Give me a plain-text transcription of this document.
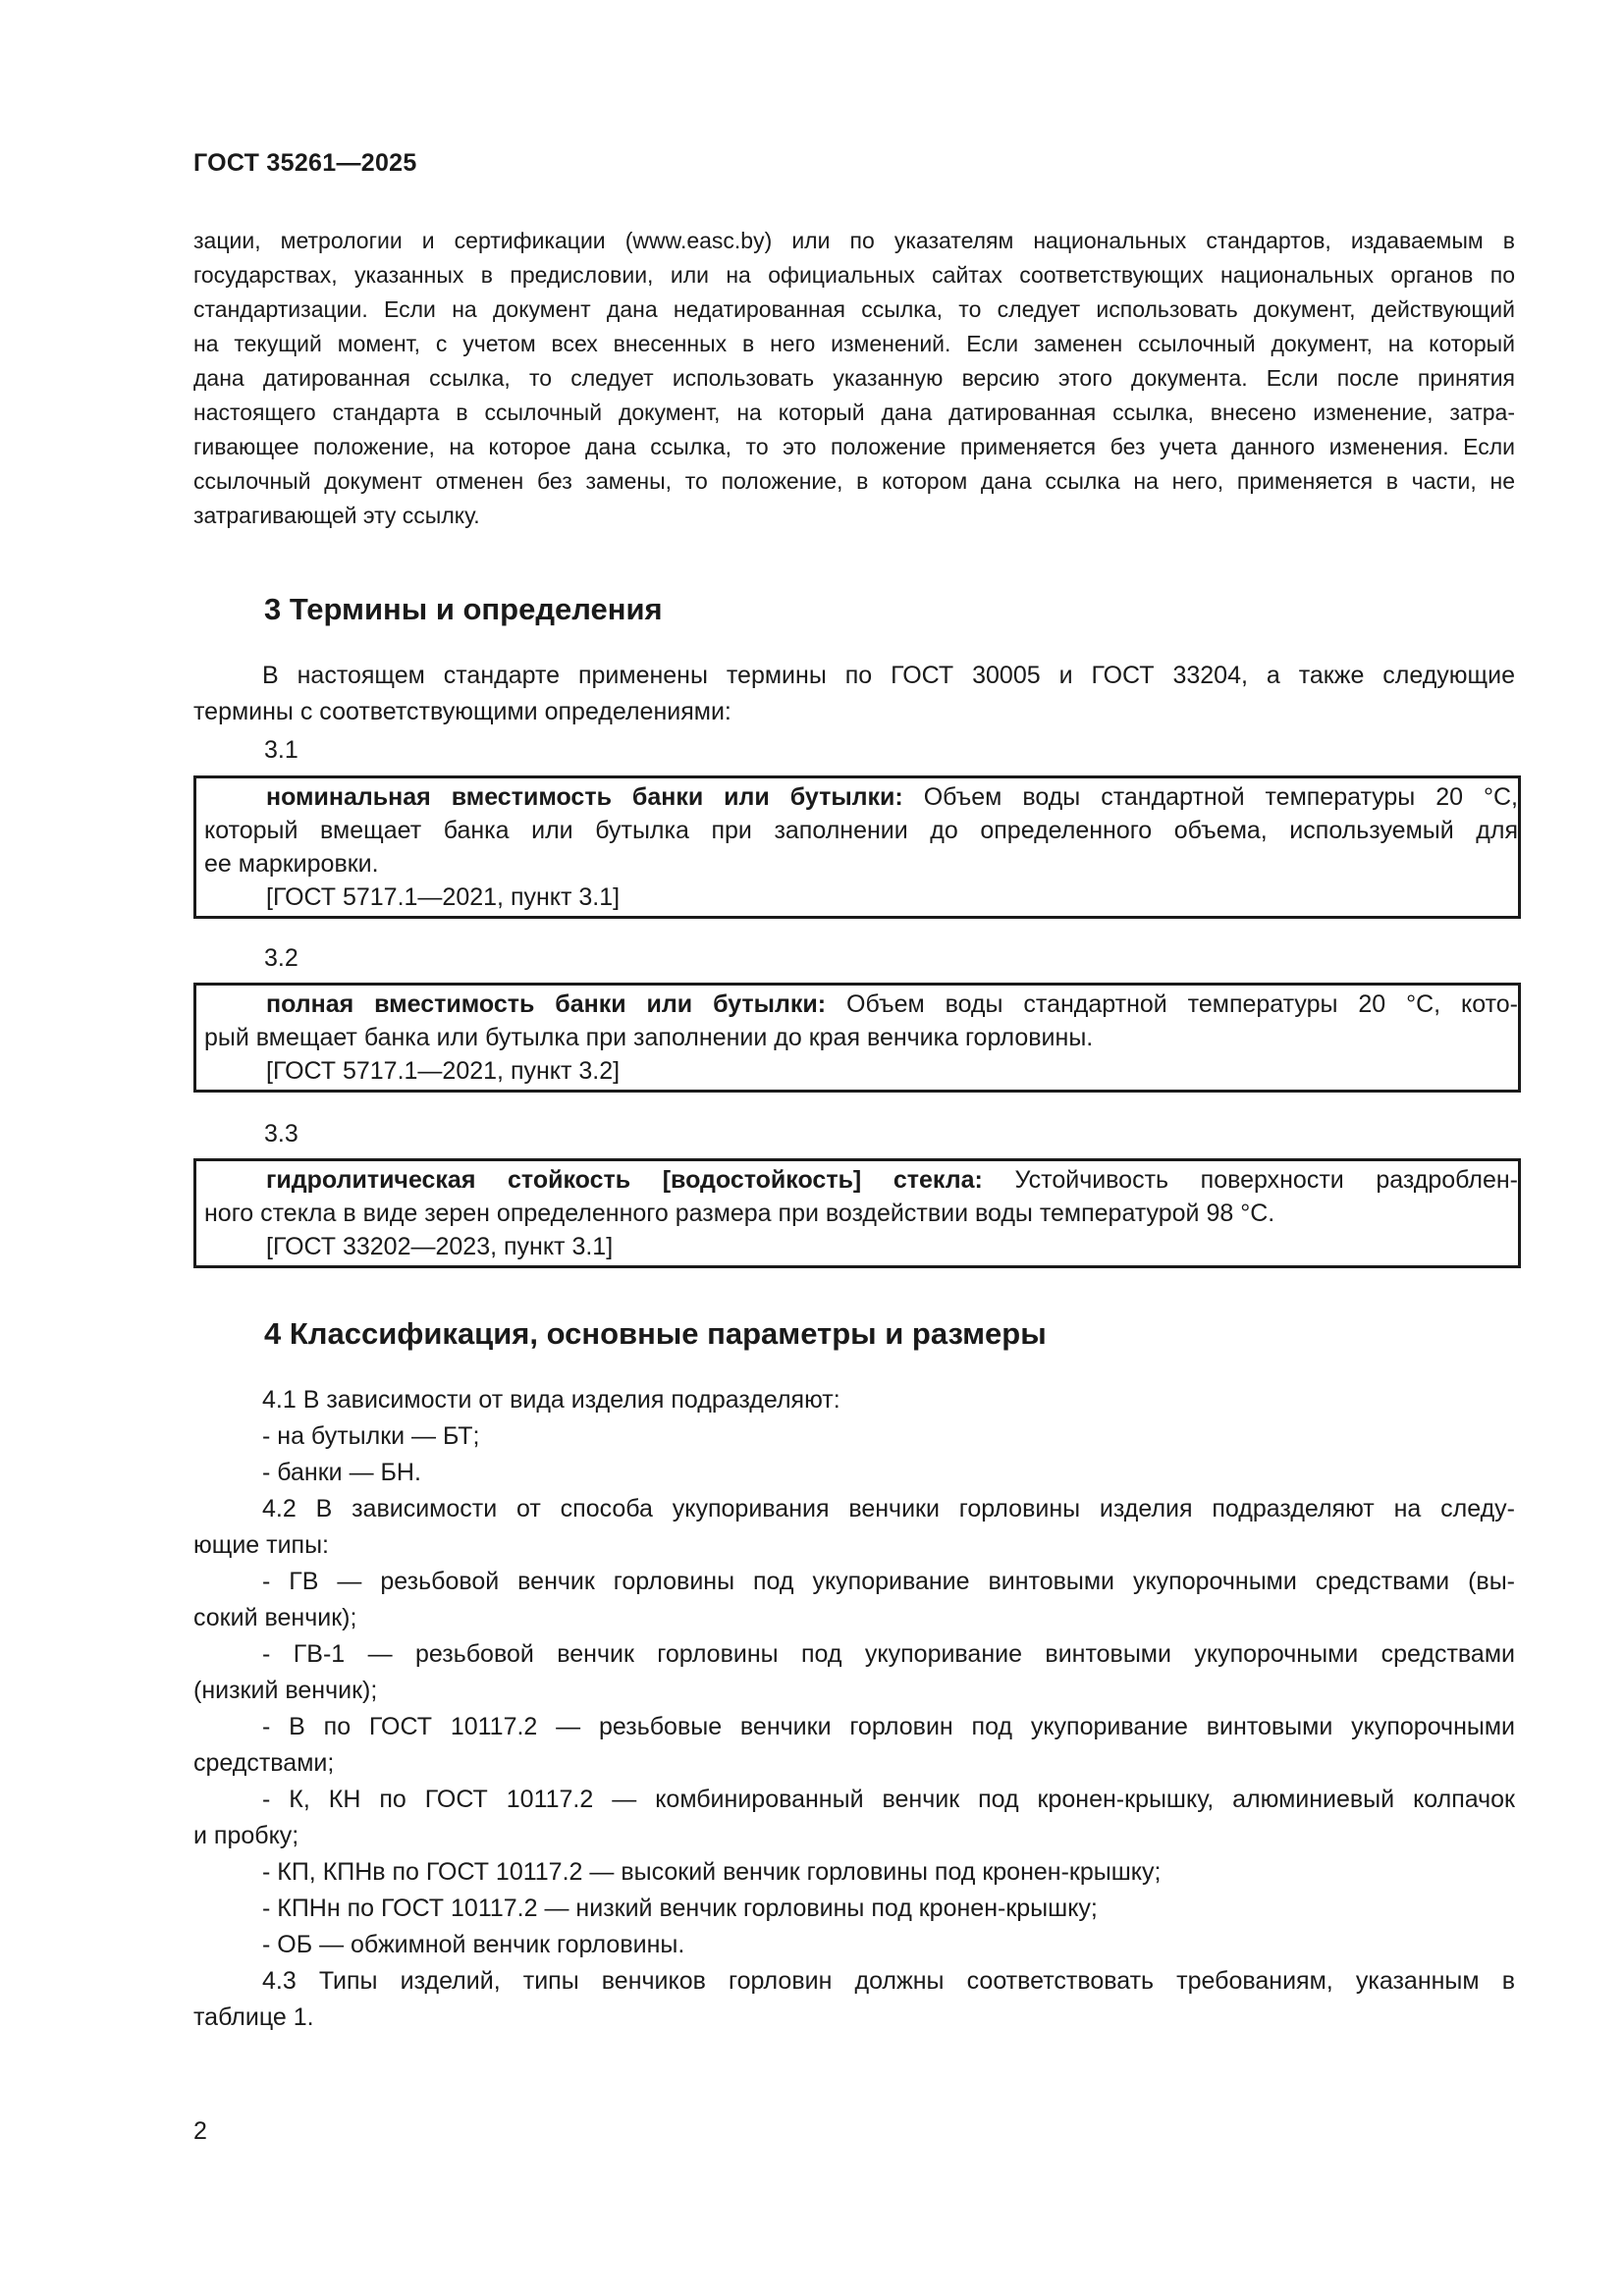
ГОСТ 35261—2025
зации, метрологии и сертификации (www.easc.by) или по указателям национальных стандартов, издаваемым в
государствах, указанных в предисловии, или на официальных сайтах соответствующих национальных органов по
стандартизации. Если на документ дана недатированная ссылка, то следует использовать документ, действующий
на текущий момент, с учетом всех внесенных в него изменений. Если заменен ссылочный документ, на который
дана датированная ссылка, то следует использовать указанную версию этого документа. Если после принятия
настоящего стандарта в ссылочный документ, на который дана датированная ссылка, внесено изменение, затра-
гивающее положение, на которое дана ссылка, то это положение применяется без учета данного изменения. Если
ссылочный документ отменен без замены, то положение, в котором дана ссылка на него, применяется в части, не
затрагивающей эту ссылку.
3 Термины и определения
В настоящем стандарте применены термины по ГОСТ 30005 и ГОСТ 33204, а также следующие
термины с соответствующими определениями:
3.1
номинальная вместимость банки или бутылки: Объем воды стандартной температуры 20 °С,
который вмещает банка или бутылка при заполнении до определенного объема, используемый для
ее маркировки.
[ГОСТ 5717.1—2021, пункт 3.1]
3.2
полная вместимость банки или бутылки: Объем воды стандартной температуры 20 °С, кото-
рый вмещает банка или бутылка при заполнении до края венчика горловины.
[ГОСТ 5717.1—2021, пункт 3.2]
3.3
гидролитическая стойкость [водостойкость] стекла: Устойчивость поверхности раздроблен-
ного стекла в виде зерен определенного размера при воздействии воды температурой 98 °С.
[ГОСТ 33202—2023, пункт 3.1]
4 Классификация, основные параметры и размеры
4.1 В зависимости от вида изделия подразделяют:
- на бутылки — БТ;
- банки — БН.
4.2 В зависимости от способа укупоривания венчики горловины изделия подразделяют на следу-
ющие типы:
- ГВ — резьбовой венчик горловины под укупоривание винтовыми укупорочными средствами (вы-
сокий венчик);
- ГВ-1 — резьбовой венчик горловины под укупоривание винтовыми укупорочными средствами
(низкий венчик);
- В по ГОСТ 10117.2 — резьбовые венчики горловин под укупоривание винтовыми укупорочными
средствами;
- К, КН по ГОСТ 10117.2 — комбинированный венчик под кронен-крышку, алюминиевый колпачок
и пробку;
- КП, КПНв по ГОСТ 10117.2 — высокий венчик горловины под кронен-крышку;
- КПНн по ГОСТ 10117.2 — низкий венчик горловины под кронен-крышку;
- ОБ — обжимной венчик горловины.
4.3 Типы изделий, типы венчиков горловин должны соответствовать требованиям, указанным в
таблице 1.
2
